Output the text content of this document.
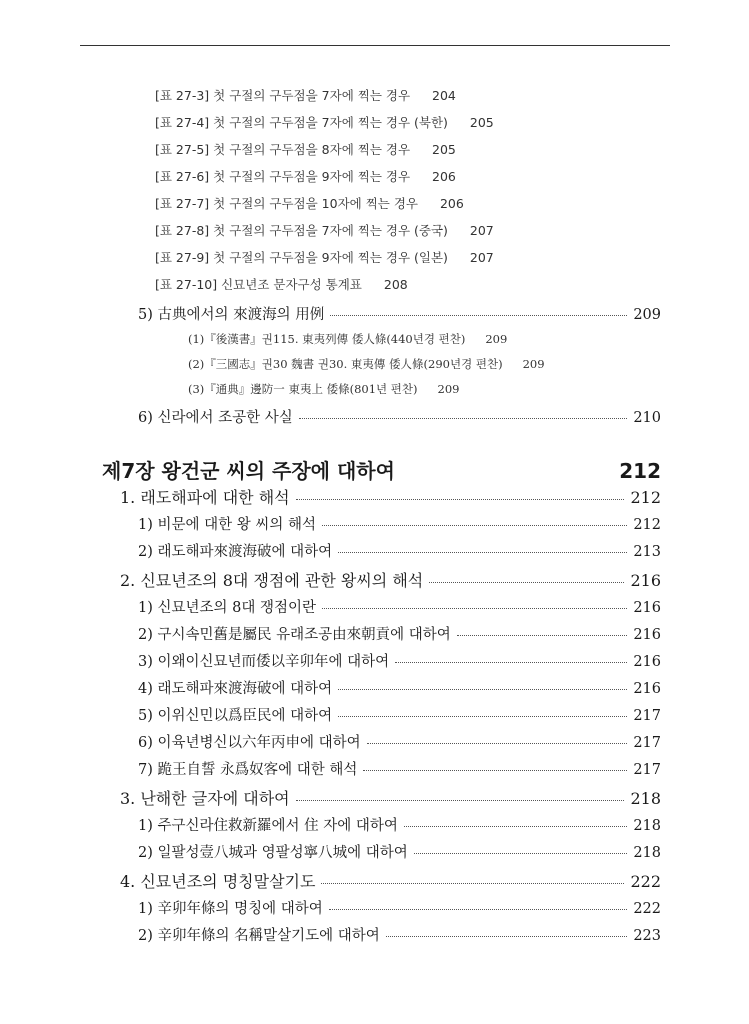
[표 27-3] 첫 구절의 구두점을 7자에 찍는 경우 204
[표 27-4] 첫 구절의 구두점을 7자에 찍는 경우 (북한) 205
[표 27-5] 첫 구절의 구두점을 8자에 찍는 경우 205
[표 27-6] 첫 구절의 구두점을 9자에 찍는 경우 206
[표 27-7] 첫 구절의 구두점을 10자에 찍는 경우 206
[표 27-8] 첫 구절의 구두점을 7자에 찍는 경우 (중국) 207
[표 27-9] 첫 구절의 구두점을 9자에 찍는 경우 (일본) 207
[표 27-10] 신묘년조 문자구성 통계표 208
5) 古典에서의 來渡海의 用例	209
(1)『後漢書』권115. 東夷列傳 倭人條(440년경 편찬) 209
(2)『三國志』권30 魏書 권30. 東夷傳 倭人條(290년경 편찬) 209
(3)『通典』邊防一 東夷上 倭條(801년 편찬) 209
6) 신라에서 조공한 사실	210
제7장 왕건군 씨의 주장에 대하여	212
1. 래도해파에 대한 해석	212
1) 비문에 대한 왕 씨의 해석	212
2) 래도해파來渡海破에 대하여	213
2. 신묘년조의 8대 쟁점에 관한 왕씨의 해석	216
1) 신묘년조의 8대 쟁점이란	216
2) 구시속민舊是屬民 유래조공由來朝貢에 대하여	216
3) 이왜이신묘년而倭以辛卯年에 대하여	216
4) 래도해파來渡海破에 대하여	216
5) 이위신민以爲臣民에 대하여	217
6) 이육년병신以六年丙申에 대하여	217
7) 跪王自誓 永爲奴客에 대한 해석	217
3. 난해한 글자에 대하여	218
1) 주구신라住救新羅에서 住 자에 대하여	218
2) 일팔성壹八城과 영팔성寧八城에 대하여	218
4. 신묘년조의 명칭말살기도	222
1) 辛卯年條의 명칭에 대하여	222
2) 辛卯年條의 名稱말살기도에 대하여	223
